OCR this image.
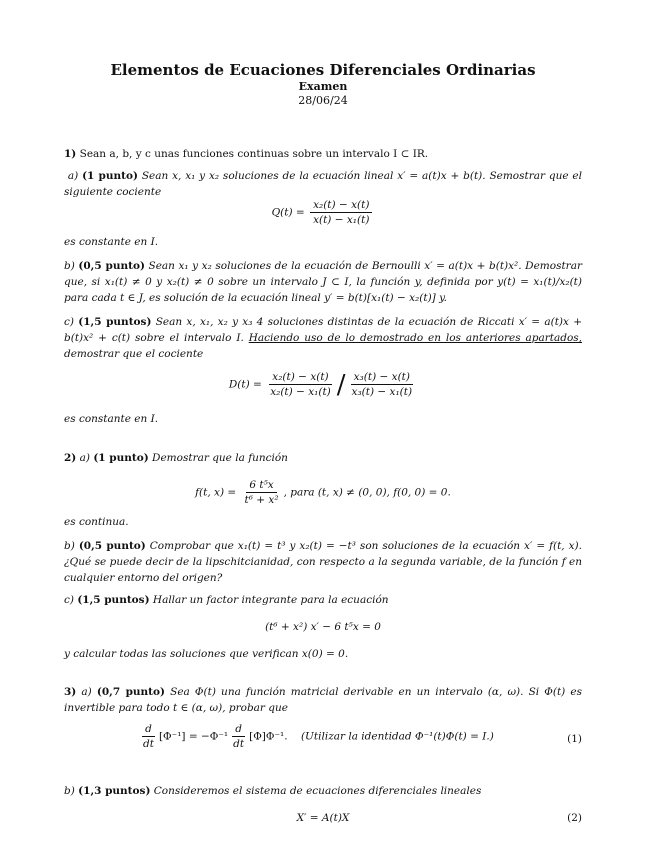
Elementos de Ecuaciones Diferenciales Ordinarias
Examen
28/06/24
1) Sean a, b, y c unas funciones continuas sobre un intervalo I ⊂ IR.
a) (1 punto) Sean x, x₁ y x₂ soluciones de la ecuación lineal x′ = a(t)x + b(t). Semostrar que el siguiente cociente
$Q(t) = \frac{\text{x₂(t) − x(t)}}{\text{x(t) − x₁(t)}}$
es constante en I.
b) (0,5 punto) Sean x₁ y x₂ soluciones de la ecuación de Bernoulli x′ = a(t)x + b(t)x². Demostrar que, si x₁(t) ≠ 0 y x₂(t) ≠ 0 sobre un intervalo J ⊂ I, la función y, definida por y(t) = x₁(t)/x₂(t) para cada t ∈ J, es solución de la ecuación lineal y′ = b(t)[x₁(t) − x₂(t)] y.
c) (1,5 puntos) Sean x, x₁, x₂ y x₃ 4 soluciones distintas de la ecuación de Riccati x′ = a(t)x + b(t)x² + c(t) sobre el intervalo I. Haciendo uso de lo demostrado en los anteriores apartados, demostrar que el cociente
$D(t) = \frac{\text{x₂(t) − x(t)}}{\text{x₂(t) − x₁(t)}} / \frac{\text{x₃(t) − x(t)}}{\text{x₃(t) − x₁(t)}}$
es constante en I.
2) a) (1 punto) Demostrar que la función
f(t, $x) = \frac{\text{6 t⁵x}}{\text{t⁶ + x²}}$ , para (t, x) ≠ (0, 0), f(0, 0) = 0.
es continua.
b) (0,5 punto) Comprobar que x₁(t) = t³ y x₂(t) = −t³ son soluciones de la ecuación x′ = f(t, x). ¿Qué se puede decir de la lipschitcianidad, con respecto a la segunda variable, de la función f en cualquier entorno del origen?
c) (1,5 puntos) Hallar un factor integrante para la ecuación
(t⁶ + x²) x′ − 6 t⁵x = 0
y calcular todas las soluciones que verifican x(0) = 0.
3) a) (0,7 punto) Sea Φ(t) una función matricial derivable en un intervalo (α, ω). Si Φ(t) es invertible para todo t ∈ (α, ω), probar que
$\frac{d}{dt} [\Phi^{-1}] = -\Phi^{-1} \frac{d}{dt} [\Phi]\Phi^{-1}$. (Utilizar la identidad Φ⁻¹(t)Φ(t) = I.)	(1)
b) (1,3 puntos) Consideremos el sistema de ecuaciones diferenciales lineales
X′ = A(t)X	(2)
